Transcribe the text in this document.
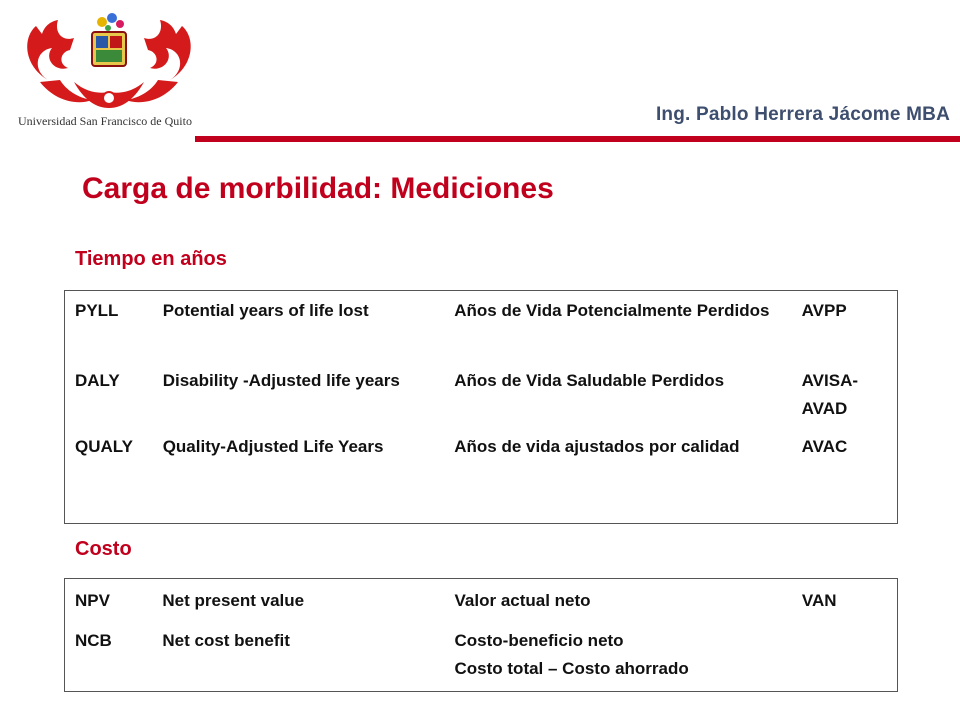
Universidad San Francisco de Quito	Ing. Pablo Herrera Jácome MBA
Carga de morbilidad: Mediciones
Tiempo en años
PYLL	Potential years of life lost	Años de Vida Potencialmente Perdidos	AVPP
DALY	Disability -Adjusted life years	Años de Vida Saludable Perdidos	AVISA-AVAD
QUALY	Quality-Adjusted Life Years	Años de vida ajustados por calidad	AVAC
Costo
NPV	Net present value	Valor actual neto	VAN
NCB	Net cost benefit	Costo-beneficio neto
Costo total – Costo ahorrado	
